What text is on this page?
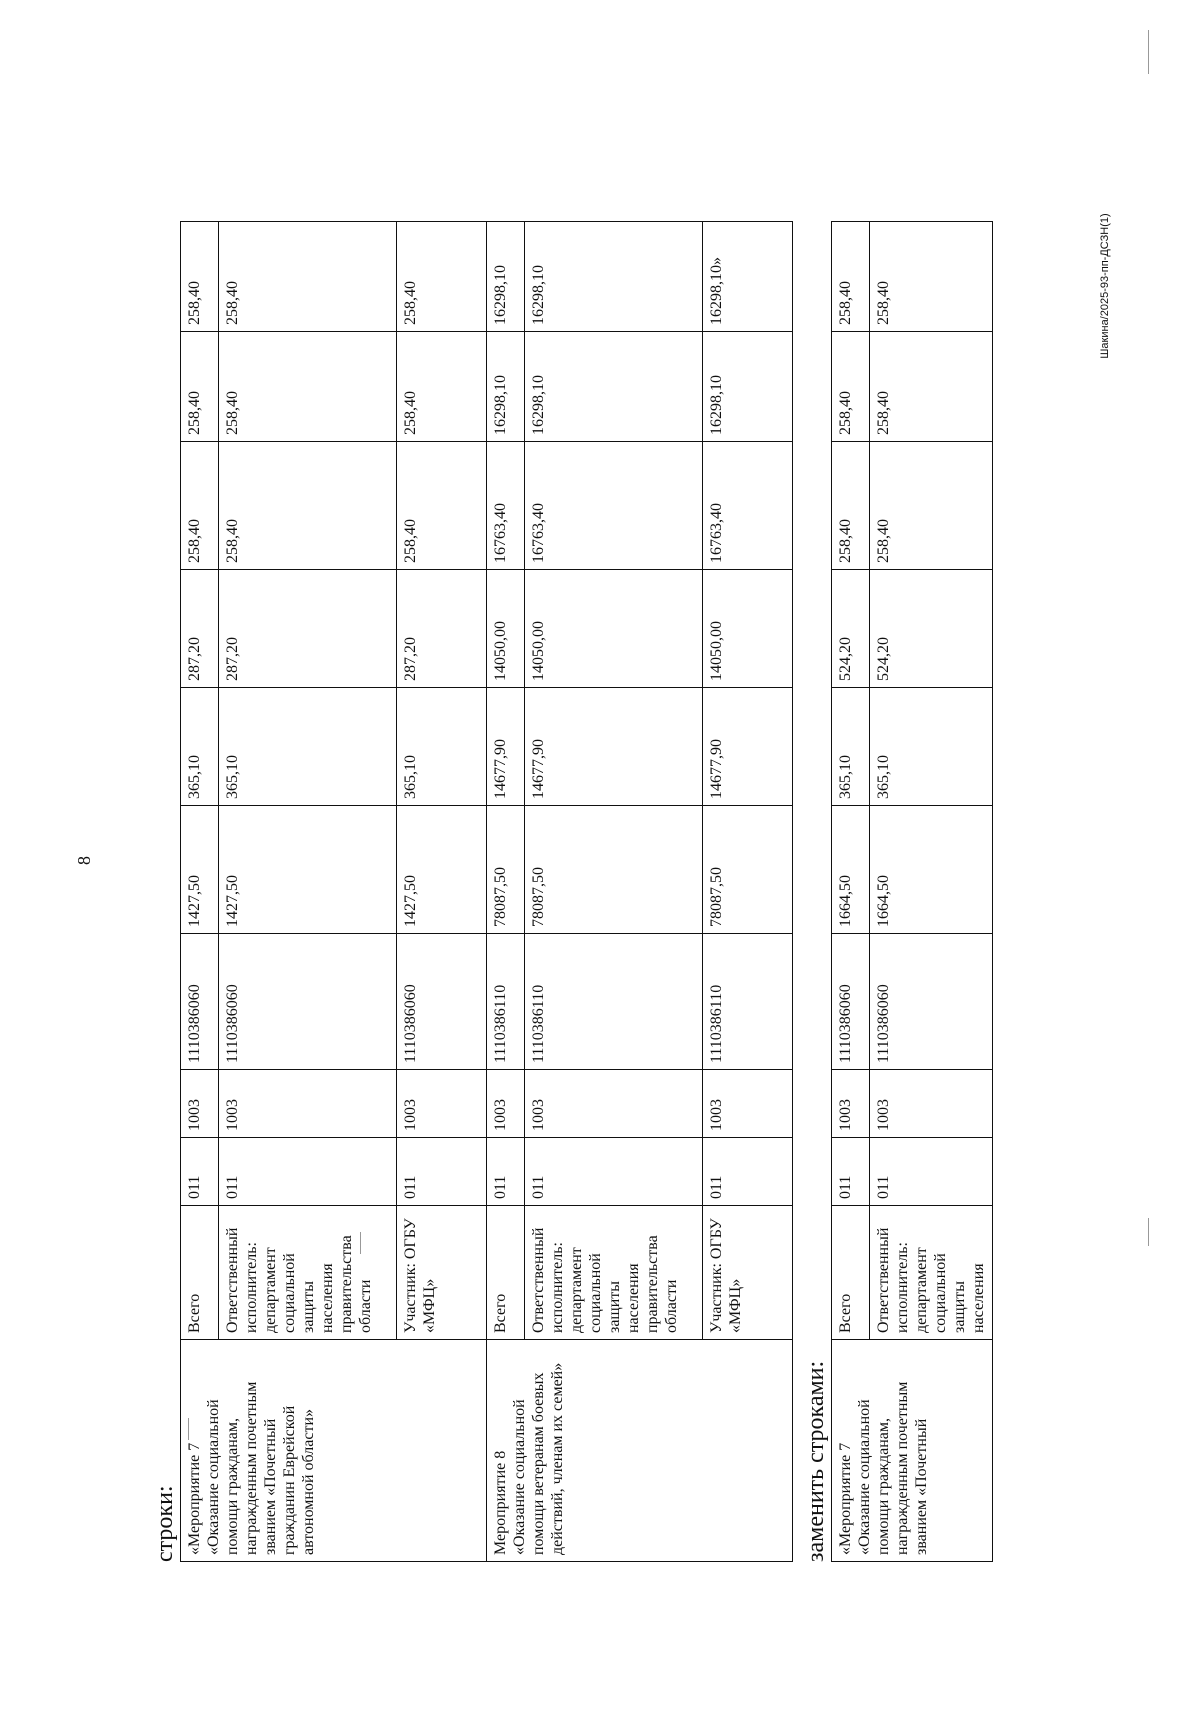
8
Шакина/2025-93-пп-ДСЗН(1)

строки: «Мероприятие 7
«Оказание социальной помощи гражданам, награжденным почетным званием «Почетный гражданин Еврейской автономной области»	Всего	011	1003	1110386060	1427,50	365,10	287,20	258,40	258,40	258,40
	Ответственный исполнитель: департамент социальной защиты населения правительства области	011	1003	1110386060	1427,50	365,10	287,20	258,40	258,40	258,40
	Участник: ОГБУ «МФЦ»	011	1003	1110386060	1427,50	365,10	287,20	258,40	258,40	258,40
Мероприятие 8
«Оказание социальной помощи ветеранам боевых действий, членам их семей»	Всего	011	1003	1110386110	78087,50	14677,90	14050,00	16763,40	16298,10	16298,10
	Ответственный исполнитель: департамент социальной защиты населения правительства области	011	1003	1110386110	78087,50	14677,90	14050,00	16763,40	16298,10	16298,10
	Участник: ОГБУ «МФЦ»	011	1003	1110386110	78087,50	14677,90	14050,00	16763,40	16298,10	16298,10»

заменить строками: «Мероприятие 7
«Оказание социальной помощи гражданам, награжденным почетным званием «Почетный	Всего	011	1003	1110386060	1664,50	365,10	524,20	258,40	258,40	258,40
	Ответственный исполнитель: департамент социальной защиты населения	011	1003	1110386060	1664,50	365,10	524,20	258,40	258,40	258,40
